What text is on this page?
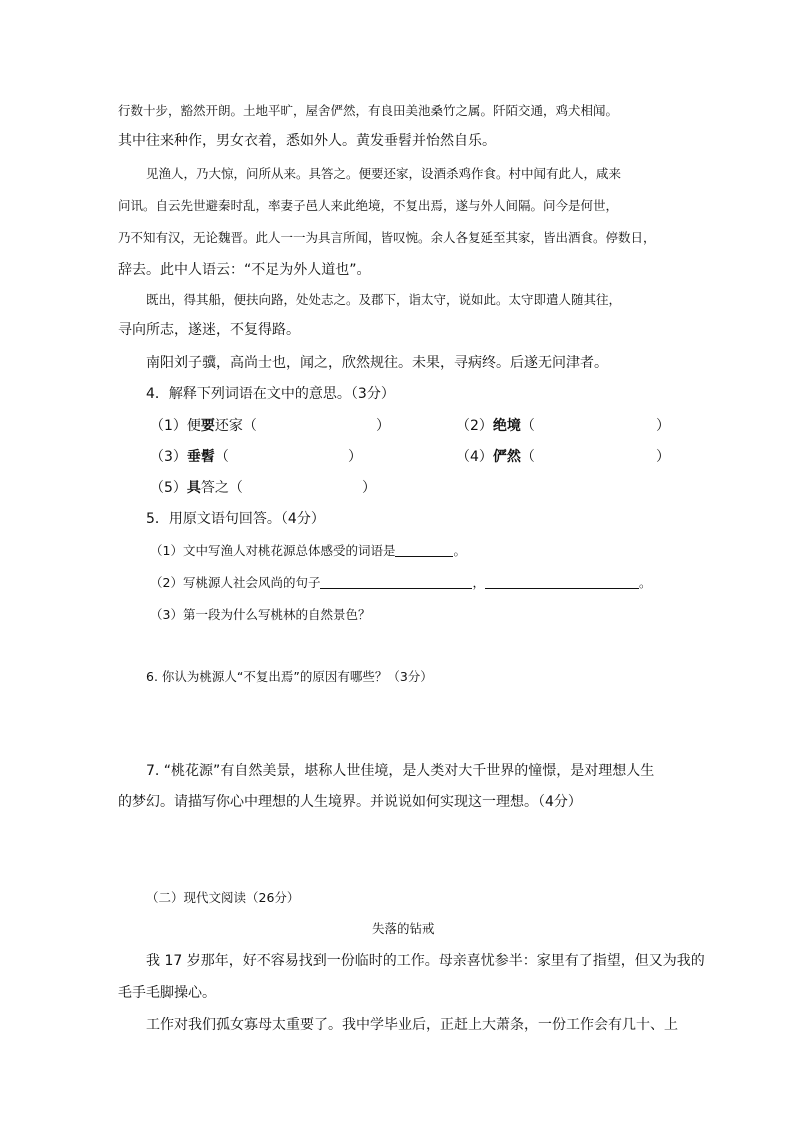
行数十步，豁然开朗。土地平旷，屋舍俨然，有良田美池桑竹之属。阡陌交通，鸡犬相闻。
其中往来种作，男女衣着，悉如外人。黄发垂髫并怡然自乐。
见渔人，乃大惊，问所从来。具答之。便要还家，设酒杀鸡作食。村中闻有此人，咸来
问讯。自云先世避秦时乱，率妻子邑人来此绝境，不复出焉，遂与外人间隔。问今是何世，
乃不知有汉，无论魏晋。此人一一为具言所闻，皆叹惋。余人各复延至其家，皆出酒食。停数日，
辞去。此中人语云：“不足为外人道也”。
既出，得其船，便扶向路，处处志之。及郡下，诣太守，说如此。太守即遣人随其往，
寻向所志，遂迷，不复得路。
南阳刘子骥，高尚士也，闻之，欣然规往。未果，寻病终。后遂无问津者。
4．解释下列词语在文中的意思。（3分）
（1）便要还家（	）	（2）绝境（	）
（3）垂髫（	）	（4）俨然（	）
（5）具答之（	）
5．用原文语句回答。（4分）
（1）文中写渔人对桃花源总体感受的词语是	。
（2）写桃源人社会风尚的句子	，	。
（3）第一段为什么写桃林的自然景色？
6. 你认为桃源人“不复出焉”的原因有哪些？（3分）
7. “桃花源”有自然美景，堪称人世佳境，是人类对大千世界的憧憬，是对理想人生
的梦幻。请描写你心中理想的人生境界。并说说如何实现这一理想。（4分）
（二）现代文阅读（26分）
失落的钻戒
我 17 岁那年，好不容易找到一份临时的工作。母亲喜忧参半：家里有了指望，但又为我的
毛手毛脚操心。
工作对我们孤女寡母太重要了。我中学毕业后，正赶上大萧条，一份工作会有几十、上
